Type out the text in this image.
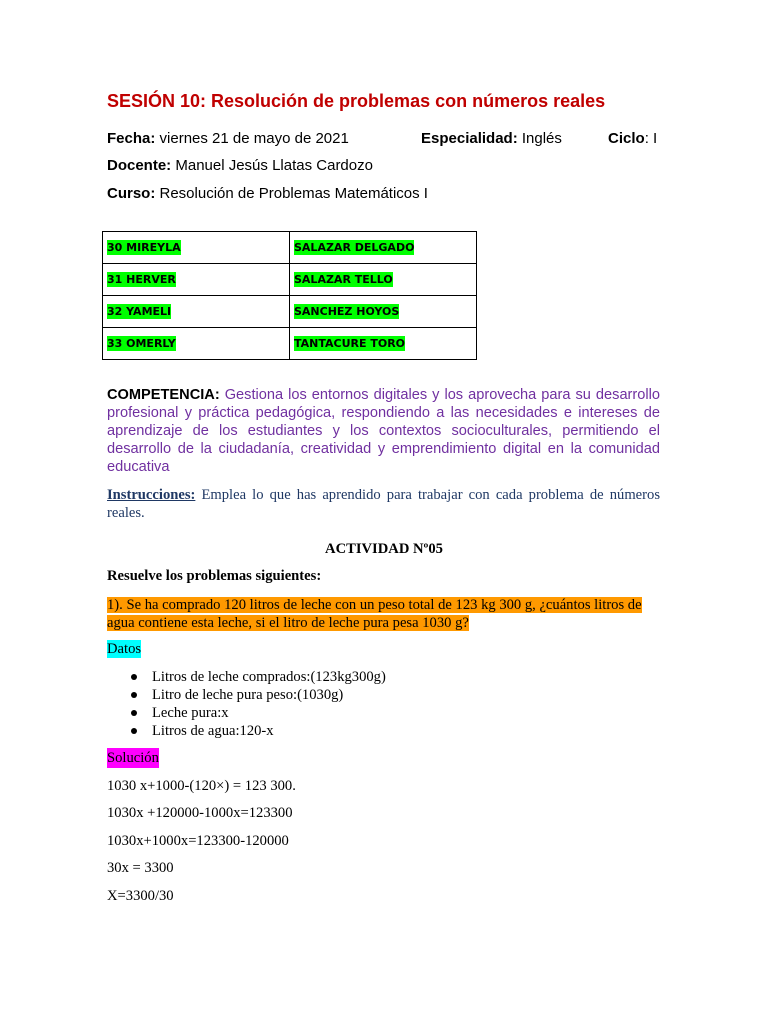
SESIÓN 10: Resolución de problemas con números reales
Fecha: viernes 21 de mayo de 2021	Especialidad: Inglés	Ciclo: I
Docente: Manuel Jesús Llatas Cardozo
Curso: Resolución de Problemas Matemáticos I
30 MIREYLA	SALAZAR DELGADO
31 HERVER	SALAZAR TELLO
32 YAMELI	SANCHEZ HOYOS
33 OMERLY	TANTACURE TORO
COMPETENCIA: Gestiona los entornos digitales y los aprovecha para su desarrollo profesional y práctica pedagógica, respondiendo a las necesidades e intereses de aprendizaje de los estudiantes y los contextos socioculturales, permitiendo el desarrollo de la ciudadanía, creatividad y emprendimiento digital en la comunidad educativa
Instrucciones: Emplea lo que has aprendido para trabajar con cada problema de números reales.
ACTIVIDAD Nº05
Resuelve los problemas siguientes:
1). Se ha comprado 120 litros de leche con un peso total de 123 kg 300 g, ¿cuántos litros de agua contiene esta leche, si el litro de leche pura pesa 1030 g?
Datos
Litros de leche comprados:(123kg300g)
Litro de leche pura peso:(1030g)
Leche pura:x
Litros de agua:120-x
Solución
1030 x+1000-(120×) = 123 300.
1030x +120000-1000x=123300
1030x+1000x=123300-120000
30x = 3300
X=3300/30
